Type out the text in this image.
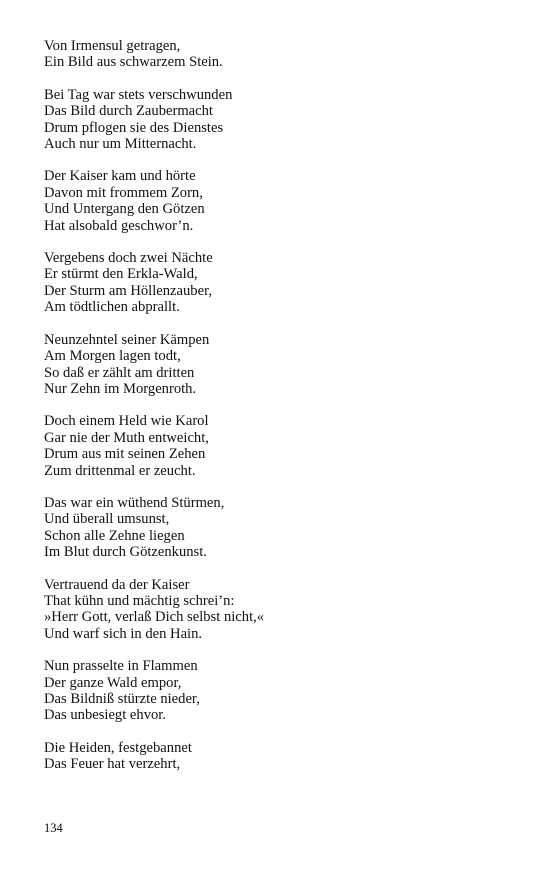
Von Irmensul getragen,
Ein Bild aus schwarzem Stein.
Bei Tag war stets verschwunden
Das Bild durch Zaubermacht
Drum pflogen sie des Dienstes
Auch nur um Mitternacht.
Der Kaiser kam und hörte
Davon mit frommem Zorn,
Und Untergang den Götzen
Hat alsobald geschwor’n.
Vergebens doch zwei Nächte
Er stürmt den Erkla-Wald,
Der Sturm am Höllenzauber,
Am tödtlichen abprallt.
Neunzehntel seiner Kämpen
Am Morgen lagen todt,
So daß er zählt am dritten
Nur Zehn im Morgenroth.
Doch einem Held wie Karol
Gar nie der Muth entweicht,
Drum aus mit seinen Zehen
Zum drittenmal er zeucht.
Das war ein wüthend Stürmen,
Und überall umsunst,
Schon alle Zehne liegen
Im Blut durch Götzenkunst.
Vertrauend da der Kaiser
That kühn und mächtig schrei’n:
»Herr Gott, verlaß Dich selbst nicht,«
Und warf sich in den Hain.
Nun prasselte in Flammen
Der ganze Wald empor,
Das Bildniß stürzte nieder,
Das unbesiegt ehvor.
Die Heiden, festgebannet
Das Feuer hat verzehrt,
134
